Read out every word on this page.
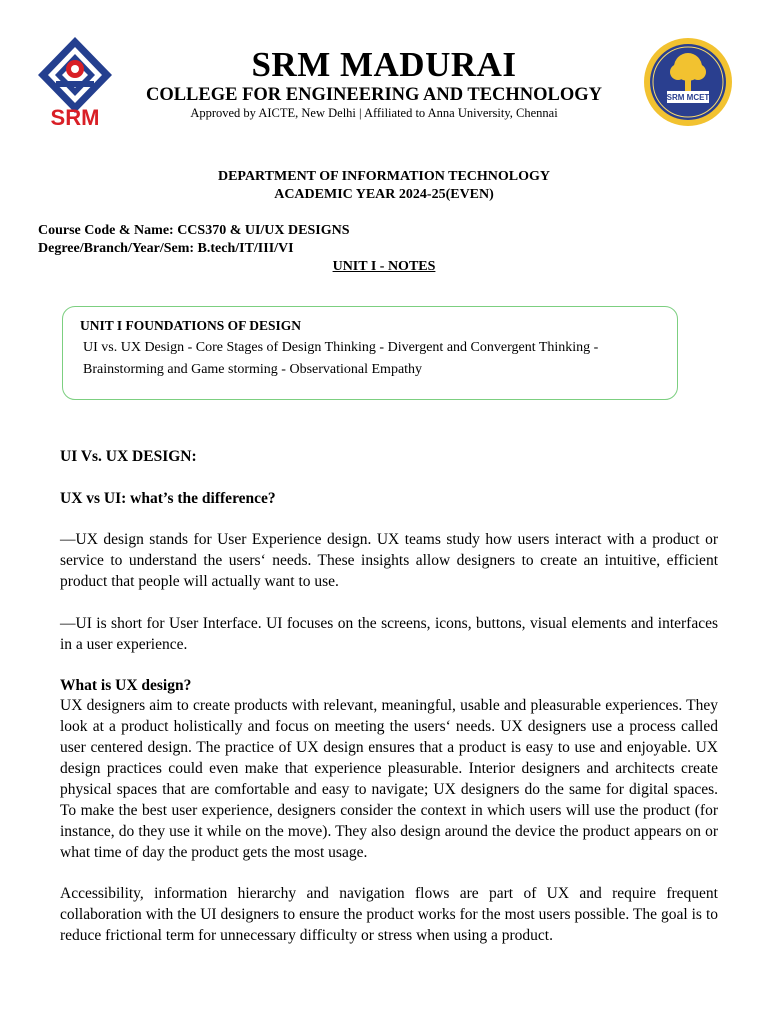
SRM
SRM MCET
SRM MADURAI
COLLEGE FOR ENGINEERING AND TECHNOLOGY
Approved by AICTE, New Delhi | Affiliated to Anna University, Chennai
DEPARTMENT OF INFORMATION TECHNOLOGY
ACADEMIC YEAR 2024-25(EVEN)
Course Code & Name: CCS370 & UI/UX DESIGNS
Degree/Branch/Year/Sem: B.tech/IT/III/VI
UNIT I - NOTES
UNIT I FOUNDATIONS OF DESIGN
UI vs. UX Design - Core Stages of Design Thinking - Divergent and Convergent Thinking -
Brainstorming and Game storming - Observational Empathy
UI Vs. UX DESIGN:
UX vs UI: what’s the difference?
—UX design stands for User Experience design. UX teams study how users interact with a product or service to understand the users‘ needs. These insights allow designers to create an intuitive, efficient product that people will actually want to use.
—UI is short for User Interface. UI focuses on the screens, icons, buttons, visual elements and interfaces in a user experience.
What is UX design?
UX designers aim to create products with relevant, meaningful, usable and pleasurable experiences. They look at a product holistically and focus on meeting the users‘ needs. UX designers use a process called user centered design. The practice of UX design ensures that a product is easy to use and enjoyable. UX design practices could even make that experience pleasurable. Interior designers and architects create physical spaces that are comfortable and easy to navigate; UX designers do the same for digital spaces. To make the best user experience, designers consider the context in which users will use the product (for instance, do they use it while on the move). They also design around the device the product appears on or what time of day the product gets the most usage.
Accessibility, information hierarchy and navigation flows are part of UX and require frequent collaboration with the UI designers to ensure the product works for the most users possible. The goal is to reduce frictional term for unnecessary difficulty or stress when using a product.
